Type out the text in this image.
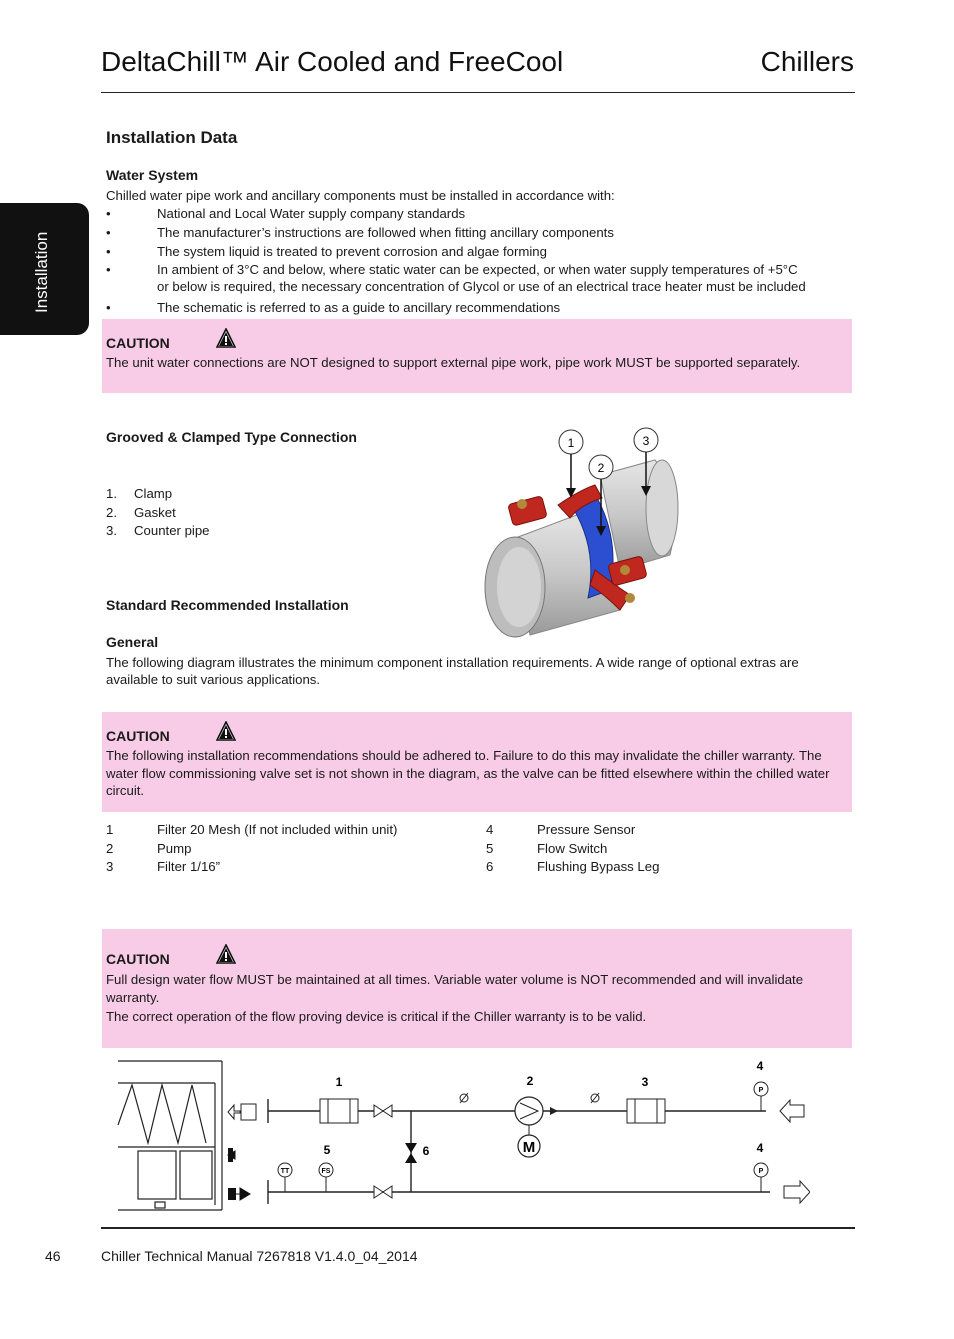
DeltaChill™ Air Cooled and FreeCool	Chillers
Installation
Installation Data
Water System
Chilled water pipe work and ancillary components must be installed in accordance with:
•	National and Local Water supply company standards
•	The manufacturer’s instructions are followed when fitting ancillary components
•	The system liquid is treated to prevent corrosion and algae forming
•	In ambient of 3°C and below, where static water can be expected, or when water supply temperatures of +5°C
or below is required, the necessary concentration of Glycol or use of an electrical trace heater must be included
•	The schematic is referred to as a guide to ancillary recommendations
CAUTION
The unit water connections are NOT designed to support external pipe work, pipe work MUST be supported separately.
Grooved & Clamped Type Connection
1. Clamp
2. Gasket
3. Counter pipe
1
2
3
Standard Recommended Installation
General
The following diagram illustrates the minimum component installation requirements. A wide range of optional extras are available to suit various applications.
CAUTION
The following installation recommendations should be adhered to. Failure to do this may invalidate the chiller warranty. The water flow commissioning valve set is not shown in the diagram, as the valve can be fitted elsewhere within the chilled water circuit.
1	Filter 20 Mesh (If not included within unit)
2	Pump
3	Filter 1/16”
4	Pressure Sensor
5	Flow Switch
6	Flushing Bypass Leg
CAUTION
Full design water flow MUST be maintained at all times. Variable water volume is NOT recommended and will invalidate warranty.
The correct operation of the flow proving device is critical if the Chiller warranty is to be valid.
1	2	3
4
5	6	4
M
TT	FS
P
P
46	Chiller Technical Manual 7267818 V1.4.0_04_2014
